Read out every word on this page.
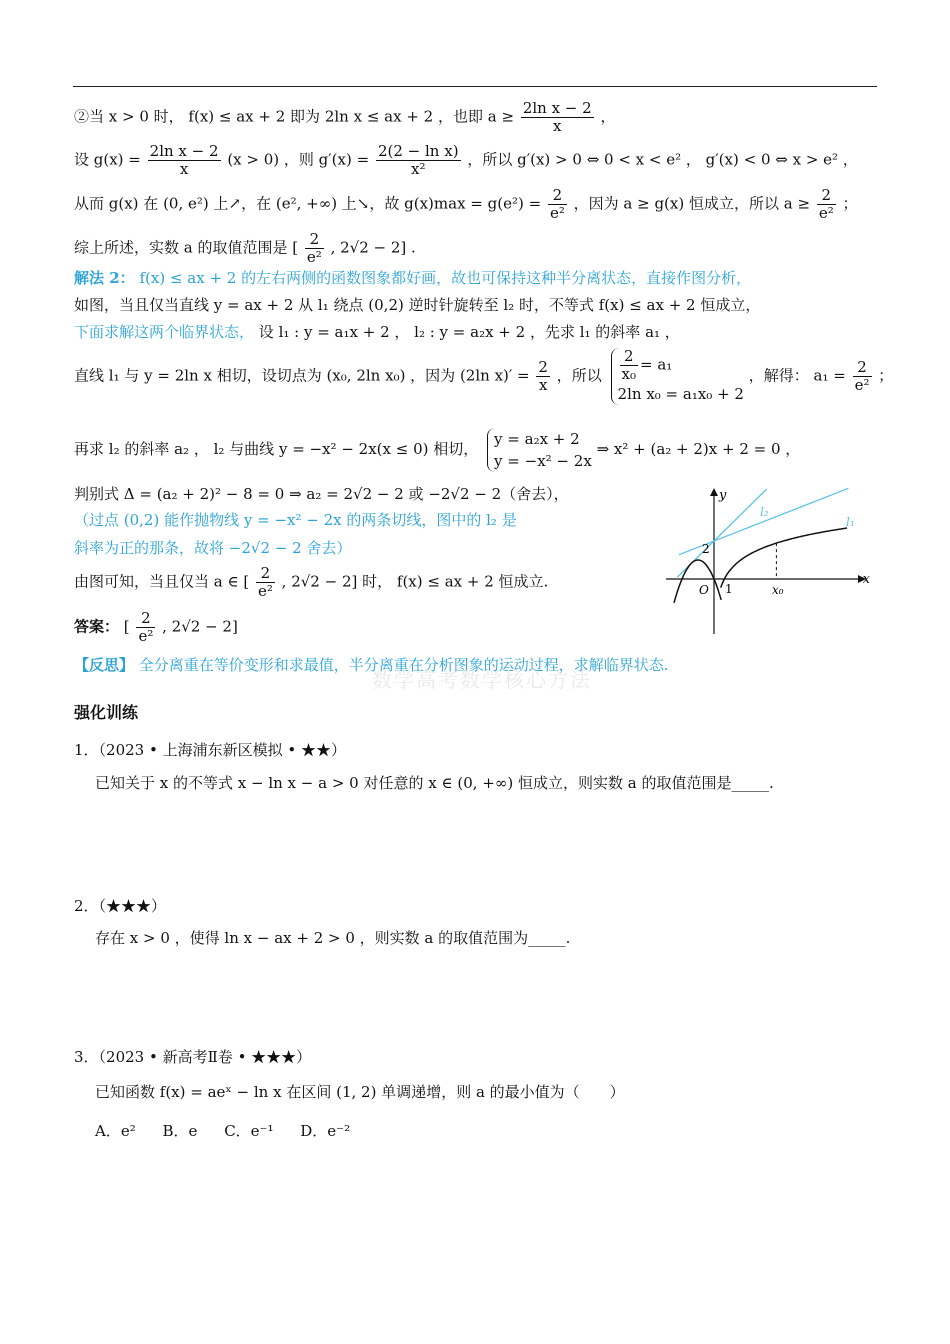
②当 x > 0 时， f(x) ≤ ax + 2 即为 2ln x ≤ ax + 2 ，也即 $a \ge \frac{\text{2ln x − 2}}{x}$ ，
设 $g(x) = \frac{\text{2ln x − 2}}{x} (x > 0)$ ，则 $g'(x) = \frac{\text{2(2 − ln x)}}{\text{x²}}$ ，所以 g′(x) > 0 ⇔ 0 < x < e² ， g′(x) < 0 ⇔ x > e² ，
从而 g(x) 在 (0, e²) 上↗，在 (e², +∞) 上↘，故 $g(x)\max = g(e^2) = \frac{2}{\text{e²}}$ ，因为 a ≥ g(x) 恒成立，所以 $a \ge \frac{2}{\text{e²}}$ ；
综上所述，实数 a 的取值范围是 [ $\frac{2}{\text{e²}}$ , 2√2 − 2] .
解法 2： f(x) ≤ ax + 2 的左右两侧的函数图象都好画，故也可保持这种半分离状态，直接作图分析，
如图，当且仅当直线 y = ax + 2 从 l₁ 绕点 (0,2) 逆时针旋转至 l₂ 时，不等式 f(x) ≤ ax + 2 恒成立，
下面求解这两个临界状态， 设 l₁ : y = a₁x + 2 ， l₂ : y = a₂x + 2 ，先求 l₁ 的斜率 a₁ ，
直线 l₁ 与 y = 2ln x 相切，设切点为 (x₀, 2ln x₀) ，因为 (2ln $x)' = \frac{2}{x}$ ，所以 $\frac{2}{\text{x₀}} = a_1$
2ln x₀ = a₁x₀ + 2
，解得： $a_1 = \frac{2}{\text{e²}}$ ；
再求 l₂ 的斜率 a₂ ， l₂ 与曲线 y = −x² − 2x(x ≤ 0) 相切，
y = a₂x + 2
y = −x² − 2x
⇒ x² + (a₂ + 2)x + 2 = 0 ，
判别式 Δ = (a₂ + 2)² − 8 = 0 ⇒ a₂ = 2√2 − 2 或 −2√2 − 2（舍去），
（过点 (0,2) 能作抛物线 y = −x² − 2x 的两条切线，图中的 l₂ 是
斜率为正的那条，故将 −2√2 − 2 舍去）
由图可知，当且仅当 a ∈ [ $\frac{2}{\text{e²}}$ , 2√2 − 2] 时， f(x) ≤ ax + 2 恒成立.
答案： [ $\frac{2}{\text{e²}}$ , 2√2 − 2]
【反思】 全分离重在等价变形和求最值，半分离重在分析图象的运动过程，求解临界状态.
数学高考数学核心方法
x
y
O 1
2
x₀
l₁
l₂
强化训练
1．（2023 • 上海浦东新区模拟 • ★★）
已知关于 x 的不等式 x − ln x − a > 0 对任意的 x ∈ (0, +∞) 恒成立，则实数 a 的取值范围是_____.
2．（★★★）
存在 x > 0 ，使得 ln x − ax + 2 > 0 ，则实数 a 的取值范围为_____.
3．（2023 • 新高考Ⅱ卷 • ★★★）
已知函数 f(x) = aeˣ − ln x 在区间 (1, 2) 单调递增，则 a 的最小值为（　　）
A．e² B．e C．e⁻¹ D．e⁻²
